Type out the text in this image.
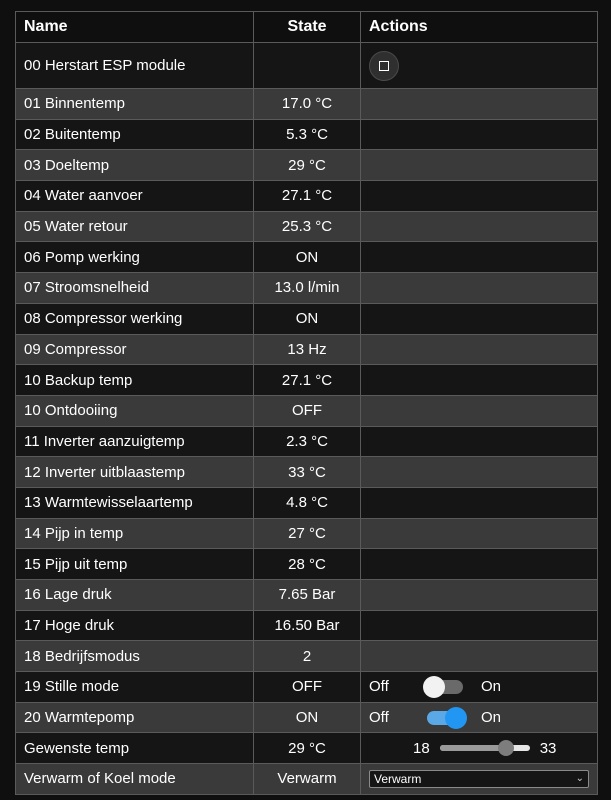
Name	State	Actions
00 Herstart ESP module		

01 Binnentemp	17.0 °C	
02 Buitentemp	5.3 °C	
03 Doeltemp	29 °C	
04 Water aanvoer	27.1 °C	
05 Water retour	25.3 °C	
06 Pomp werking	ON	
07 Stroomsnelheid	13.0 l/min	
08 Compressor werking	ON	
09 Compressor	13 Hz	
10 Backup temp	27.1 °C	
10 Ontdooiing	OFF	
11 Inverter aanzuigtemp	2.3 °C	
12 Inverter uitblaastemp	33 °C	
13 Warmtewisselaartemp	4.8 °C	
14 Pijp in temp	27 °C	
15 Pijp uit temp	28 °C	
16 Lage druk	7.65 Bar	
17 Hoge druk	16.50 Bar	
18 Bedrijfsmodus	2	
19 Stille mode	OFF	Off On

20 Warmtepomp	ON	Off On

Gewenste temp	29 °C	18 33

Verwarm of Koel mode	Verwarm	Verwarm ⌄
